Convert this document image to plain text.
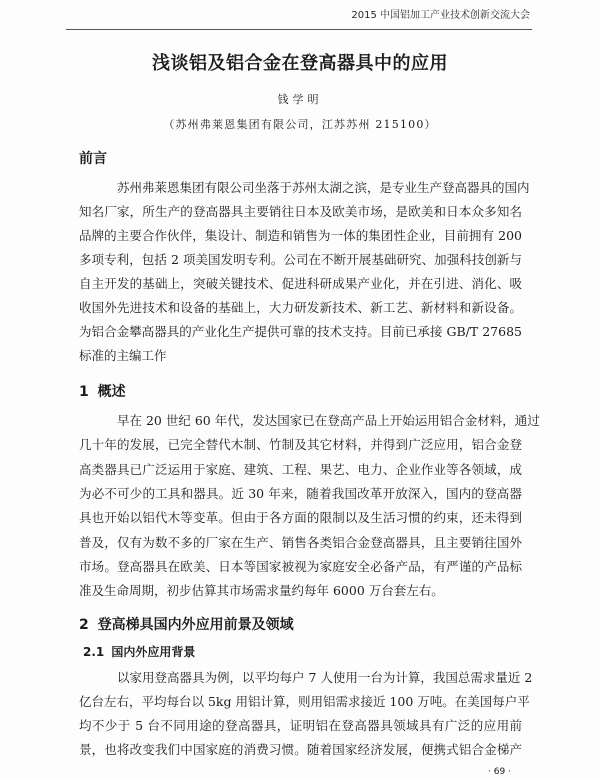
2015 中国铝加工产业技术创新交流大会
浅谈铝及铝合金在登高器具中的应用
钱学明
（苏州弗莱恩集团有限公司，江苏苏州 215100）
前言
苏州弗莱恩集团有限公司坐落于苏州太湖之滨，是专业生产登高器具的国内
知名厂家，所生产的登高器具主要销往日本及欧美市场，是欧美和日本众多知名
品牌的主要合作伙伴，集设计、制造和销售为一体的集团性企业，目前拥有 200
多项专利，包括 2 项美国发明专利。公司在不断开展基础研究、加强科技创新与
自主开发的基础上，突破关键技术、促进科研成果产业化，并在引进、消化、吸
收国外先进技术和设备的基础上，大力研发新技术、新工艺、新材料和新设备。
为铝合金攀高器具的产业化生产提供可靠的技术支持。目前已承接 GB/T 27685
标准的主编工作
1 概述
早在 20 世纪 60 年代，发达国家已在登高产品上开始运用铝合金材料，通过
几十年的发展，已完全替代木制、竹制及其它材料，并得到广泛应用，铝合金登
高类器具已广泛运用于家庭、建筑、工程、果艺、电力、企业作业等各领域，成
为必不可少的工具和器具。近 30 年来，随着我国改革开放深入，国内的登高器
具也开始以铝代木等变革。但由于各方面的限制以及生活习惯的约束，还未得到
普及，仅有为数不多的厂家在生产、销售各类铝合金登高器具，且主要销往国外
市场。登高器具在欧美、日本等国家被视为家庭安全必备产品，有严谨的产品标
准及生命周期，初步估算其市场需求量约每年 6000 万台套左右。
2 登高梯具国内外应用前景及领域
2.1 国内外应用背景
以家用登高器具为例，以平均每户 7 人使用一台为计算，我国总需求量近 2
亿台左右，平均每台以 5kg 用铝计算，则用铝需求接近 100 万吨。在美国每户平
均不少于 5 台不同用途的登高器具，证明铝在登高器具领域具有广泛的应用前
景，也将改变我们中国家庭的消费习惯。随着国家经济发展，便携式铝合金梯产
· 69 ·
